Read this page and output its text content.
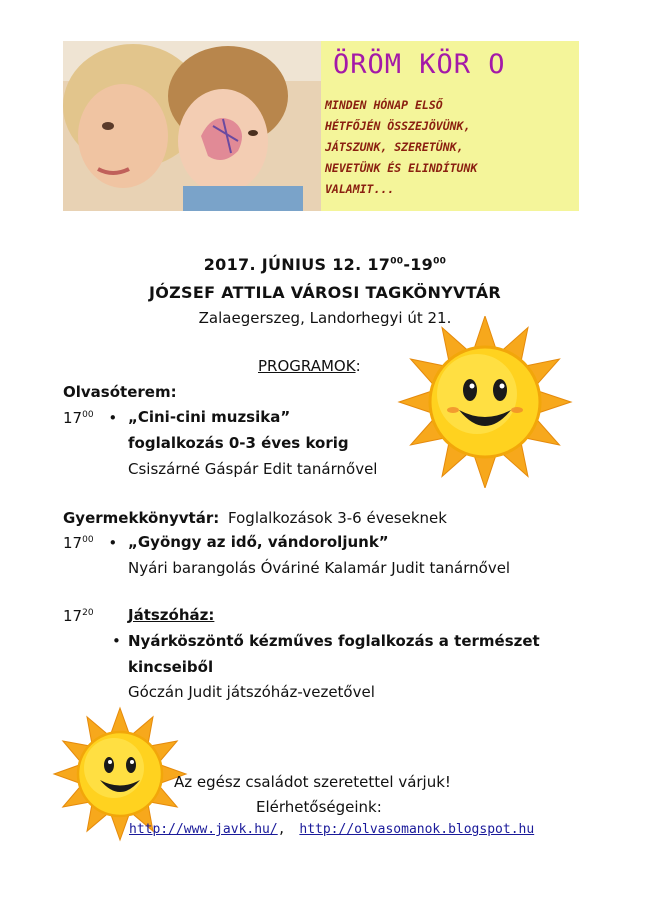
ÖRÖM KÖR O
MINDEN HÓNAP ELSŐ
HÉTFŐJÉN ÖSSZEJÖVÜNK,
JÁTSZUNK, SZERETÜNK,
NEVETÜNK ÉS ELINDÍTUNK
VALAMIT...
2017. JÚNIUS 12. $17^{00}-19^{00}$
JÓZSEF ATTILA VÁROSI TAGKÖNYVTÁR
Zalaegerszeg, Landorhegyi út 21.
PROGRAMOK:
Olvasóterem:
$17^{00}$ • „Cini-cini muzsika”
foglalkozás 0-3 éves korig
Csiszárné Gáspár Edit tanárnővel
Gyermekkönyvtár: Foglalkozások 3-6 éveseknek
$17^{00}$ • „Gyöngy az idő, vándoroljunk”
Nyári barangolás Óváriné Kalamár Judit tanárnővel
$17^{20}$ Játszóház:
• Nyárköszöntő kézműves foglalkozás a természet
kincseiből
Góczán Judit játszóház-vezetővel
Az egész családot szeretettel várjuk!
Elérhetőségeink:
http://www.javk.hu/, http://olvasomanok.blogspot.hu
